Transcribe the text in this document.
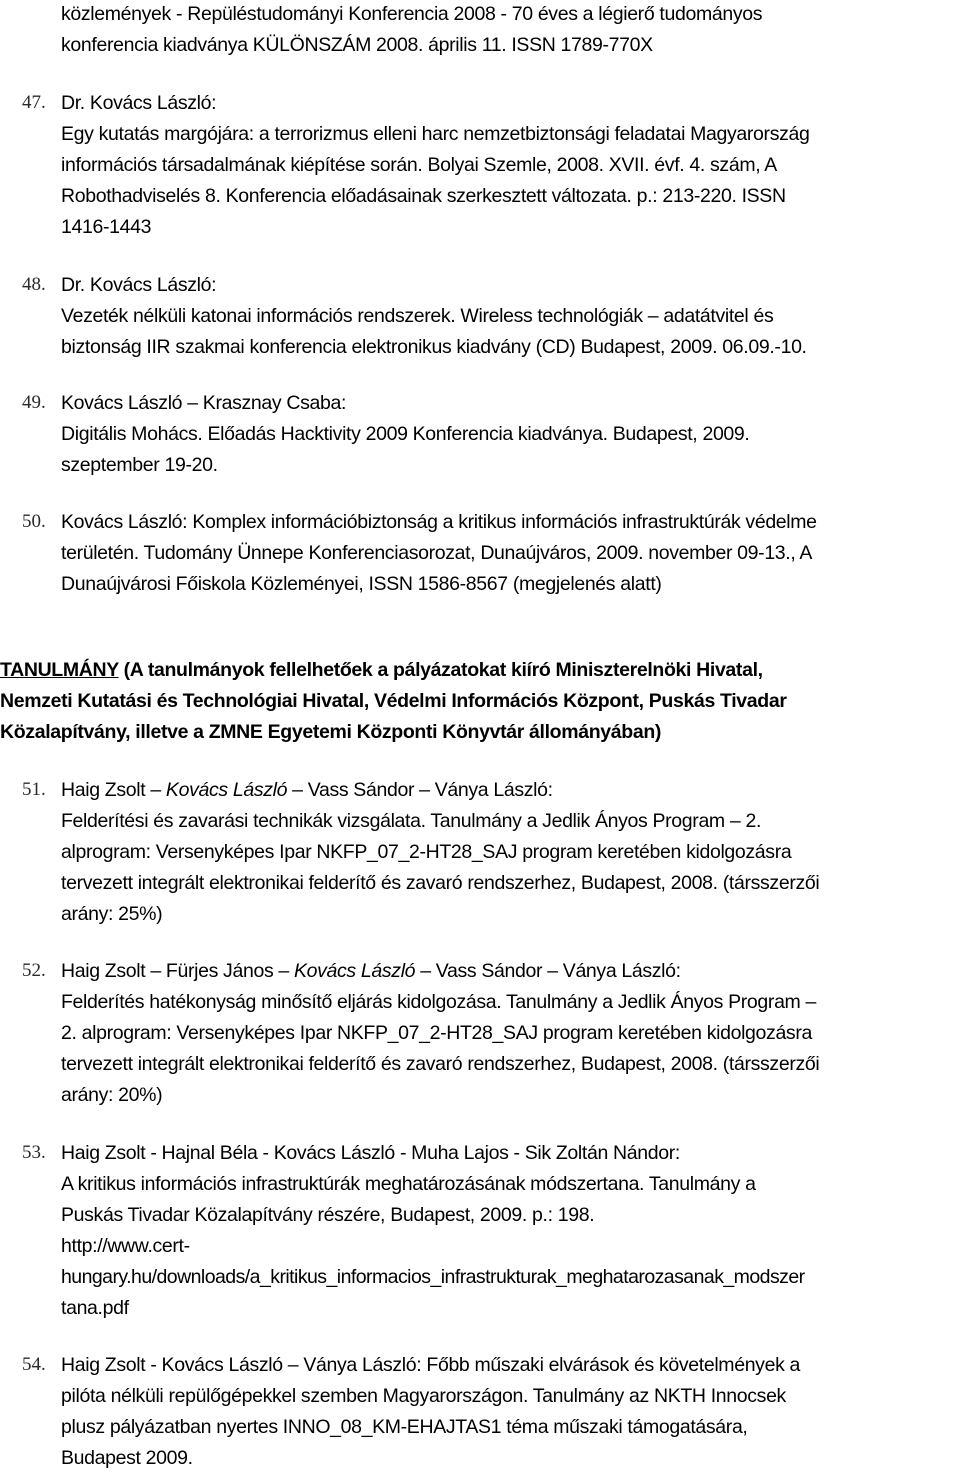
közlemények - Repüléstudományi Konferencia 2008 - 70 éves a légierő tudományos
konferencia kiadványa KÜLÖNSZÁM 2008. április 11. ISSN 1789-770X
47. Dr. Kovács László:
Egy kutatás margójára: a terrorizmus elleni harc nemzetbiztonsági feladatai Magyarország
információs társadalmának kiépítése során. Bolyai Szemle, 2008. XVII. évf. 4. szám, A
Robothadviselés 8. Konferencia előadásainak szerkesztett változata. p.: 213-220. ISSN
1416-1443
48. Dr. Kovács László:
Vezeték nélküli katonai információs rendszerek. Wireless technológiák – adatátvitel és
biztonság IIR szakmai konferencia elektronikus kiadvány (CD) Budapest, 2009. 06.09.-10.
49. Kovács László – Krasznay Csaba:
Digitális Mohács. Előadás Hacktivity 2009 Konferencia kiadványa. Budapest, 2009.
szeptember 19-20.
50. Kovács László: Komplex információbiztonság a kritikus információs infrastruktúrák védelme
területén. Tudomány Ünnepe Konferenciasorozat, Dunaújváros, 2009. november 09-13., A
Dunaújvárosi Főiskola Közleményei, ISSN 1586-8567 (megjelenés alatt)
TANULMÁNY (A tanulmányok fellelhetőek a pályázatokat kiíró Miniszterelnöki Hivatal,
Nemzeti Kutatási és Technológiai Hivatal, Védelmi Információs Központ, Puskás Tivadar
Közalapítvány, illetve a ZMNE Egyetemi Központi Könyvtár állományában)
51. Haig Zsolt – Kovács László – Vass Sándor – Ványa László:
Felderítési és zavarási technikák vizsgálata. Tanulmány a Jedlik Ányos Program – 2.
alprogram: Versenyképes Ipar NKFP_07_2-HT28_SAJ program keretében kidolgozásra
tervezett integrált elektronikai felderítő és zavaró rendszerhez, Budapest, 2008. (társszerzői
arány: 25%)
52. Haig Zsolt – Fürjes János – Kovács László – Vass Sándor – Ványa László:
Felderítés hatékonyság minősítő eljárás kidolgozása. Tanulmány a Jedlik Ányos Program –
2. alprogram: Versenyképes Ipar NKFP_07_2-HT28_SAJ program keretében kidolgozásra
tervezett integrált elektronikai felderítő és zavaró rendszerhez, Budapest, 2008. (társszerzői
arány: 20%)
53. Haig Zsolt - Hajnal Béla - Kovács László - Muha Lajos - Sik Zoltán Nándor:
A kritikus információs infrastruktúrák meghatározásának módszertana. Tanulmány a
Puskás Tivadar Közalapítvány részére, Budapest, 2009. p.: 198.
http://www.cert-
hungary.hu/downloads/a_kritikus_informacios_infrastrukturak_meghatarozasanak_modszer
tana.pdf
54. Haig Zsolt - Kovács László – Ványa László: Főbb műszaki elvárások és követelmények a
pilóta nélküli repülőgépekkel szemben Magyarországon. Tanulmány az NKTH Innocsek
plusz pályázatban nyertes INNO_08_KM-EHAJTAS1 téma műszaki támogatására,
Budapest 2009.
